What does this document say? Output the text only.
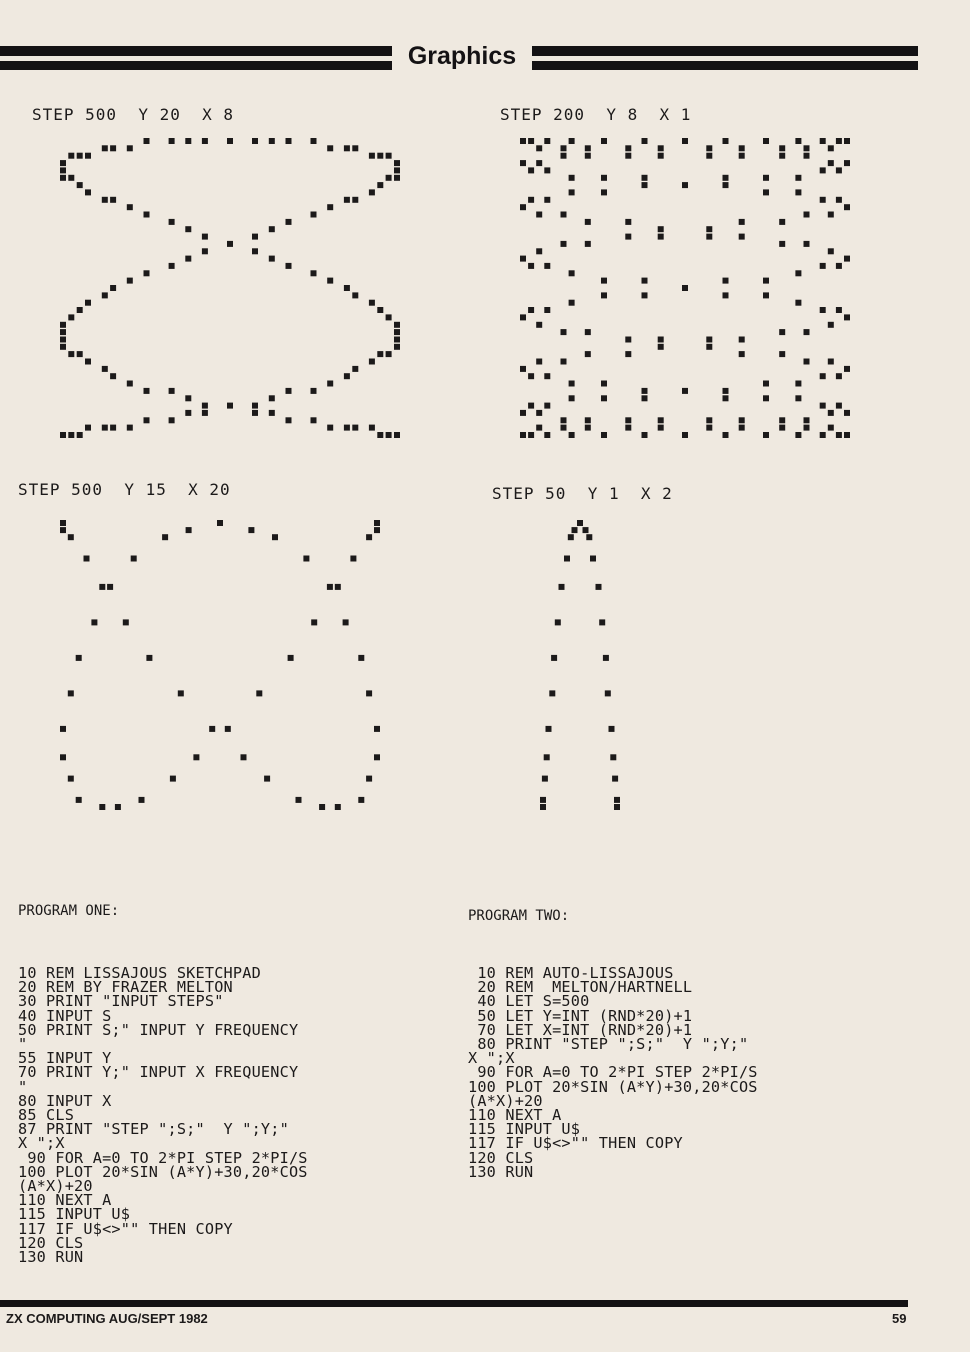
Graphics
STEP 500  Y 20  X 8	STEP 200  Y 8  X 1
STEP 500  Y 15  X 20	STEP 50  Y 1  X 2
PROGRAM ONE:
10 REM LISSAJOUS SKETCHPAD
20 REM BY FRAZER MELTON
30 PRINT "INPUT STEPS"
40 INPUT S
50 PRINT S;" INPUT Y FREQUENCY
"
55 INPUT Y
70 PRINT Y;" INPUT X FREQUENCY
"
80 INPUT X
85 CLS
87 PRINT "STEP ";S;"  Y ";Y;"
X ";X
90 FOR A=0 TO 2*PI STEP 2*PI/S
100 PLOT 20*SIN (A*Y)+30,20*COS
(A*X)+20
110 NEXT A
115 INPUT U$
117 IF U$<>"" THEN COPY
120 CLS
130 RUN
PROGRAM TWO:
10 REM AUTO-LISSAJOUS
20 REM  MELTON/HARTNELL
40 LET S=500
50 LET Y=INT (RND*20)+1
70 LET X=INT (RND*20)+1
80 PRINT "STEP ";S;"  Y ";Y;"
X ";X
90 FOR A=0 TO 2*PI STEP 2*PI/S
100 PLOT 20*SIN (A*Y)+30,20*COS
(A*X)+20
110 NEXT A
115 INPUT U$
117 IF U$<>"" THEN COPY
120 CLS
130 RUN
ZX COMPUTING AUG/SEPT 1982	59
